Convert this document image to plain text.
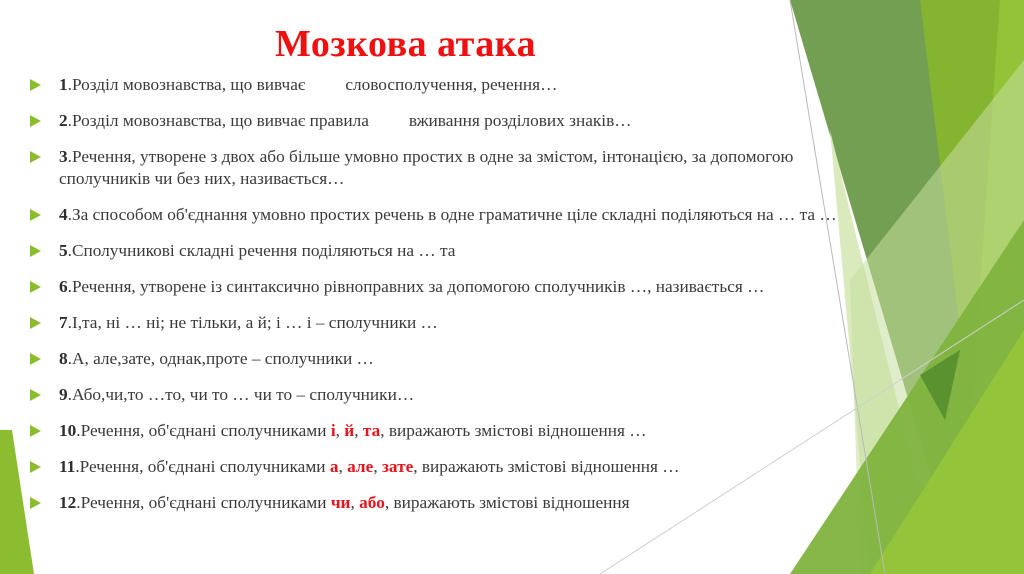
Мозкова атака
1.Розділ мовознавства, що вивчає словосполучення, речення…
2.Розділ мовознавства, що вивчає правила вживання розділових знаків…
3.Речення, утворене з двох або більше умовно простих в одне за змістом, інтонацією, за допомогою сполучників чи без них, називається…
4.За способом об'єднання умовно простих речень в одне граматичне ціле складні поділяються на … та …
5.Сполучникові складні речення поділяються на … та
6.Речення, утворене із синтаксично рівноправних за допомогою сполучників …, називається …
7.І,та, ні … ні; не тільки, а й; і … і – сполучники …
8.А, але,зате, однак,проте – сполучники …
9.Або,чи,то …то, чи то … чи то – сполучники…
10.Речення, об'єднані сполучниками і, й, та, виражають змістові відношення …
11.Речення, об'єднані сполучниками а, але, зате, виражають змістові відношення …
12.Речення, об'єднані сполучниками чи, або, виражають змістові відношення
